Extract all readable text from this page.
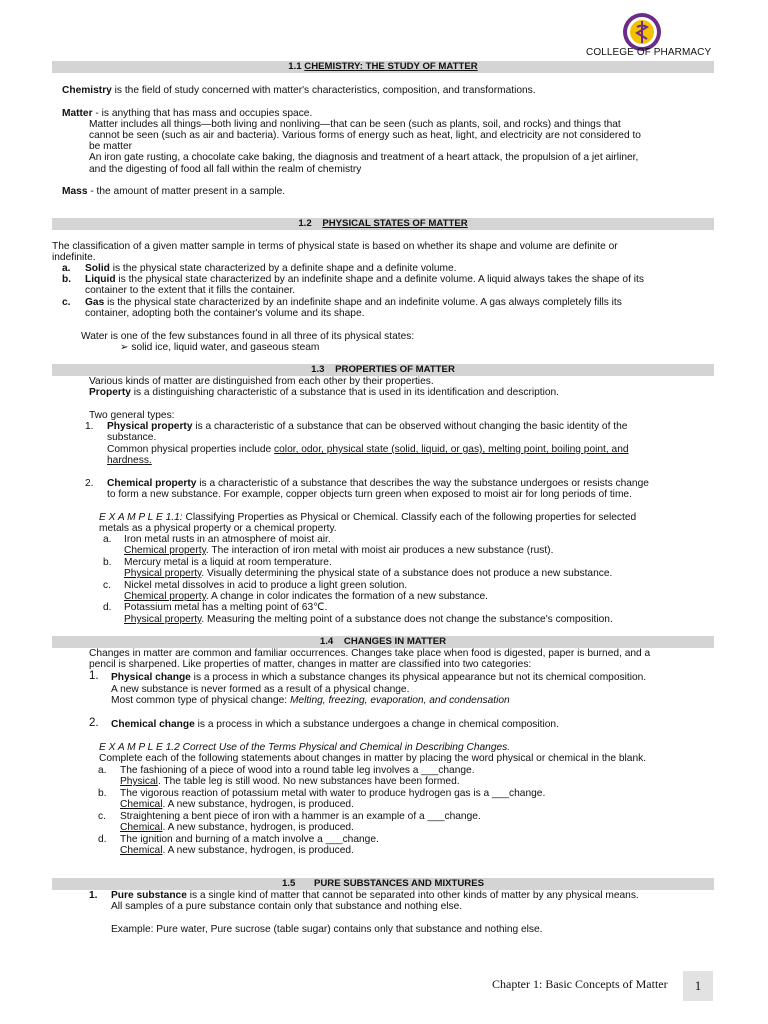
COLLEGE OF PHARMACY
1.1 CHEMISTRY: THE STUDY OF MATTER
Chemistry is the field of study concerned with matter's characteristics, composition, and transformations.
Matter - is anything that has mass and occupies space.
Matter includes all things—both living and nonliving—that can be seen (such as plants, soil, and rocks) and things that
cannot be seen (such as air and bacteria). Various forms of energy such as heat, light, and electricity are not considered to
be matter
An iron gate rusting, a chocolate cake baking, the diagnosis and treatment of a heart attack, the propulsion of a jet airliner,
and the digesting of food all fall within the realm of chemistry
Mass - the amount of matter present in a sample.
1.2 PHYSICAL STATES OF MATTER
The classification of a given matter sample in terms of physical state is based on whether its shape and volume are definite or
indefinite.
a. Solid is the physical state characterized by a definite shape and a definite volume.
b. Liquid is the physical state characterized by an indefinite shape and a definite volume. A liquid always takes the shape of its
container to the extent that it fills the container.
c. Gas is the physical state characterized by an indefinite shape and an indefinite volume. A gas always completely fills its
container, adopting both the container's volume and its shape.
Water is one of the few substances found in all three of its physical states:
➢ solid ice, liquid water, and gaseous steam
1.3 PROPERTIES OF MATTER
Various kinds of matter are distinguished from each other by their properties.
Property is a distinguishing characteristic of a substance that is used in its identification and description.
Two general types:
1. Physical property is a characteristic of a substance that can be observed without changing the basic identity of the
substance.
Common physical properties include color, odor, physical state (solid, liquid, or gas), melting point, boiling point, and
hardness.
2. Chemical property is a characteristic of a substance that describes the way the substance undergoes or resists change
to form a new substance. For example, copper objects turn green when exposed to moist air for long periods of time.
E X A M P L E 1.1: Classifying Properties as Physical or Chemical. Classify each of the following properties for selected
metals as a physical property or a chemical property.
a. Iron metal rusts in an atmosphere of moist air.
Chemical property. The interaction of iron metal with moist air produces a new substance (rust).
b. Mercury metal is a liquid at room temperature.
Physical property. Visually determining the physical state of a substance does not produce a new substance.
c. Nickel metal dissolves in acid to produce a light green solution.
Chemical property. A change in color indicates the formation of a new substance.
d. Potassium metal has a melting point of 63℃.
Physical property. Measuring the melting point of a substance does not change the substance's composition.
1.4 CHANGES IN MATTER
Changes in matter are common and familiar occurrences. Changes take place when food is digested, paper is burned, and a
pencil is sharpened. Like properties of matter, changes in matter are classified into two categories:
1. Physical change is a process in which a substance changes its physical appearance but not its chemical composition.
A new substance is never formed as a result of a physical change.
Most common type of physical change: Melting, freezing, evaporation, and condensation
2. Chemical change is a process in which a substance undergoes a change in chemical composition.
E X A M P L E 1.2 Correct Use of the Terms Physical and Chemical in Describing Changes.
Complete each of the following statements about changes in matter by placing the word physical or chemical in the blank.
a. The fashioning of a piece of wood into a round table leg involves a ___change.
Physical. The table leg is still wood. No new substances have been formed.
b. The vigorous reaction of potassium metal with water to produce hydrogen gas is a ___change.
Chemical. A new substance, hydrogen, is produced.
c. Straightening a bent piece of iron with a hammer is an example of a ___change.
Chemical. A new substance, hydrogen, is produced.
d. The ignition and burning of a match involve a ___change.
Chemical. A new substance, hydrogen, is produced.
1.5 PURE SUBSTANCES AND MIXTURES
1. Pure substance is a single kind of matter that cannot be separated into other kinds of matter by any physical means.
All samples of a pure substance contain only that substance and nothing else.
Example: Pure water, Pure sucrose (table sugar) contains only that substance and nothing else.
Chapter 1: Basic Concepts of Matter	1
